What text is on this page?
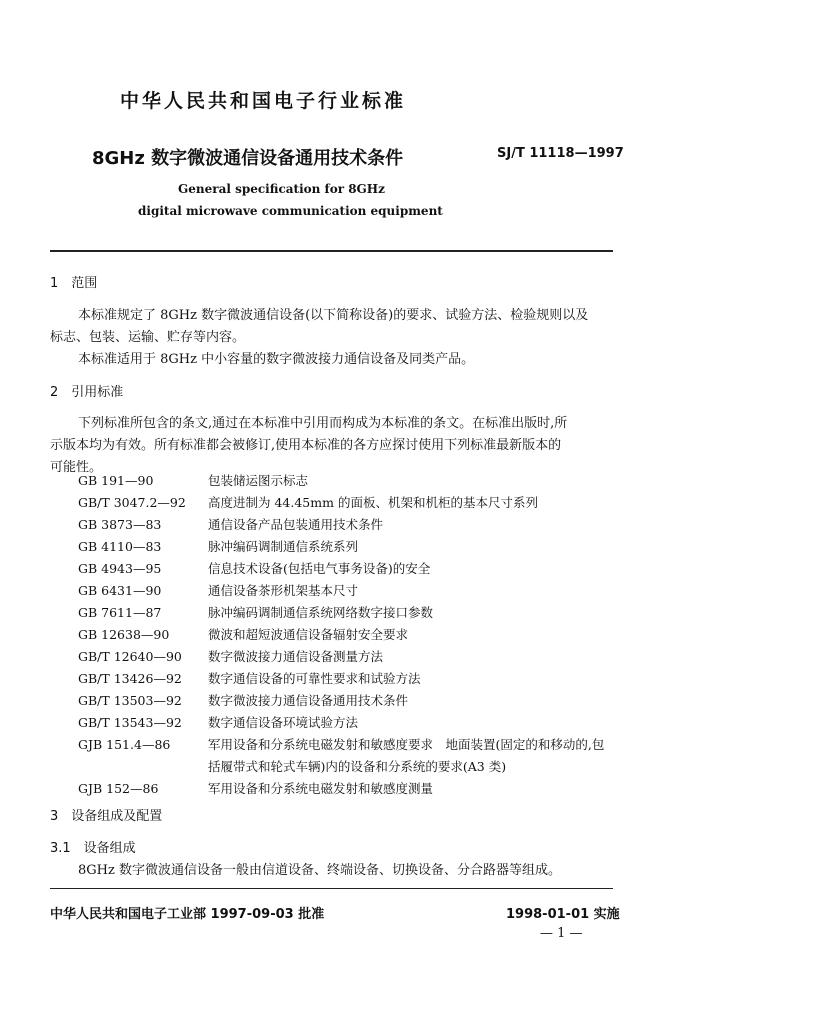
中华人民共和国电子行业标准
8GHz 数字微波通信设备通用技术条件	SJ/T 11118—1997
General specification for 8GHz
digital microwave communication equipment
1　范围
本标准规定了 8GHz 数字微波通信设备(以下简称设备)的要求、试验方法、检验规则以及
标志、包装、运输、贮存等内容。
本标准适用于 8GHz 中小容量的数字微波接力通信设备及同类产品。
2　引用标准
下列标准所包含的条文,通过在本标准中引用而构成为本标准的条文。在标准出版时,所
示版本均为有效。所有标准都会被修订,使用本标准的各方应探讨使用下列标准最新版本的
可能性。
GB 191—90	包装储运图示标志
GB/T 3047.2—92	高度进制为 44.45mm 的面板、机架和机柜的基本尺寸系列
GB 3873—83	通信设备产品包装通用技术条件
GB 4110—83	脉冲编码调制通信系统系列
GB 4943—95	信息技术设备(包括电气事务设备)的安全
GB 6431—90	通信设备茶形机架基本尺寸
GB 7611—87	脉冲编码调制通信系统网络数字接口参数
GB 12638—90	微波和超短波通信设备辐射安全要求
GB/T 12640—90	数字微波接力通信设备测量方法
GB/T 13426—92	数字通信设备的可靠性要求和试验方法
GB/T 13503—92	数字微波接力通信设备通用技术条件
GB/T 13543—92	数字通信设备环境试验方法
GJB 151.4—86	军用设备和分系统电磁发射和敏感度要求　地面装置(固定的和移动的,包括履带式和轮式车辆)内的设备和分系统的要求(A3 类)
GJB 152—86	军用设备和分系统电磁发射和敏感度测量
3　设备组成及配置
3.1　设备组成
8GHz 数字微波通信设备一般由信道设备、终端设备、切换设备、分合路器等组成。
中华人民共和国电子工业部 1997-09-03 批准	1998-01-01 实施
— 1 —
